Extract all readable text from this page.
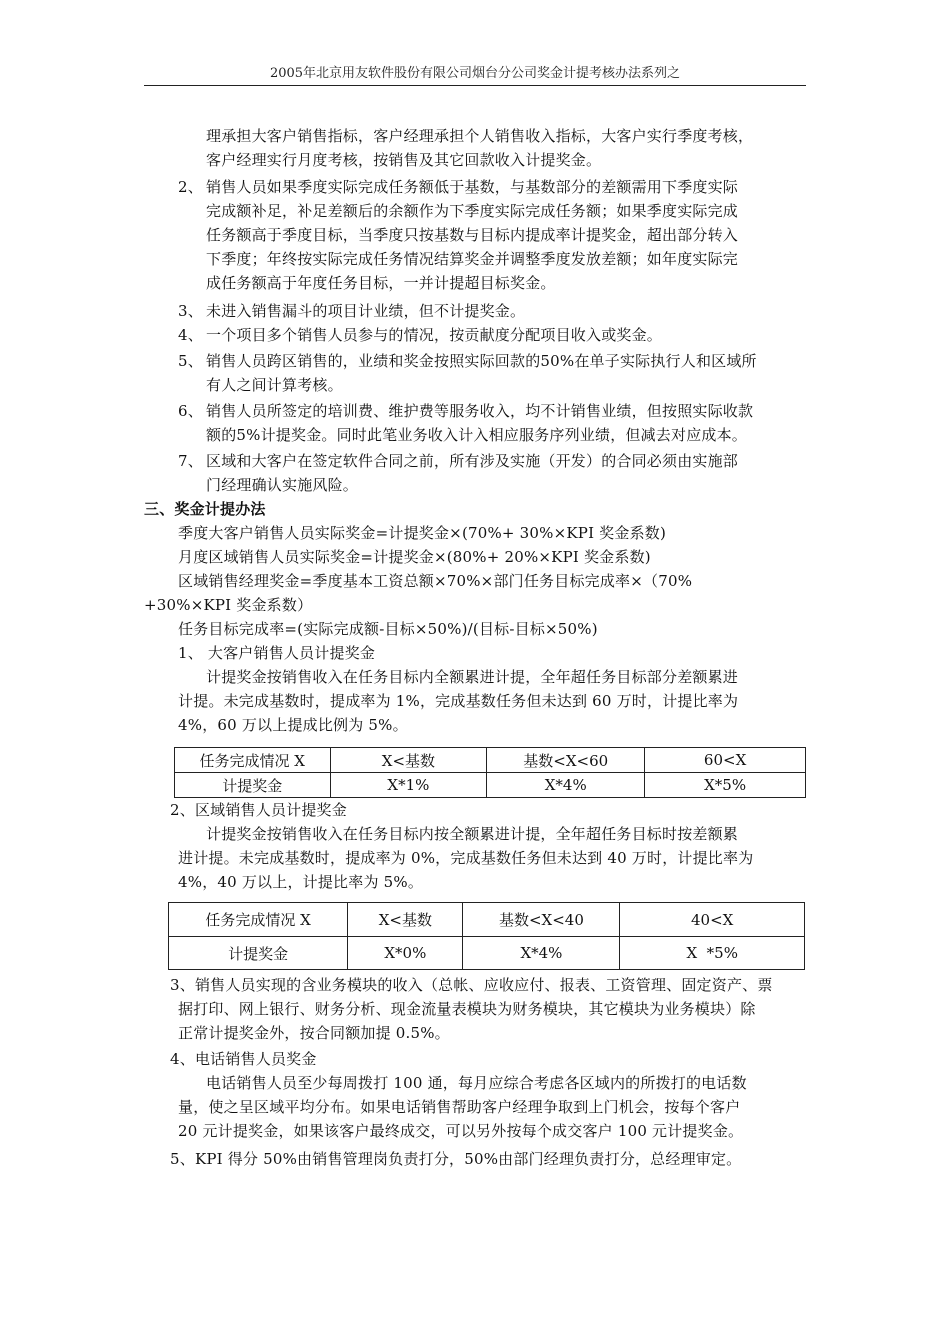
2005年北京用友软件股份有限公司烟台分公司奖金计提考核办法系列之
理承担大客户销售指标，客户经理承担个人销售收入指标，大客户实行季度考核，
客户经理实行月度考核，按销售及其它回款收入计提奖金。
2、 销售人员如果季度实际完成任务额低于基数，与基数部分的差额需用下季度实际
完成额补足，补足差额后的余额作为下季度实际完成任务额；如果季度实际完成
任务额高于季度目标，当季度只按基数与目标内提成率计提奖金，超出部分转入
下季度；年终按实际完成任务情况结算奖金并调整季度发放差额；如年度实际完
成任务额高于年度任务目标，一并计提超目标奖金。
3、 未进入销售漏斗的项目计业绩，但不计提奖金。
4、 一个项目多个销售人员参与的情况，按贡献度分配项目收入或奖金。
5、 销售人员跨区销售的，业绩和奖金按照实际回款的50%在单子实际执行人和区域所
有人之间计算考核。
6、 销售人员所签定的培训费、维护费等服务收入，均不计销售业绩，但按照实际收款
额的5%计提奖金。同时此笔业务收入计入相应服务序列业绩，但减去对应成本。
7、 区域和大客户在签定软件合同之前，所有涉及实施（开发）的合同必须由实施部
门经理确认实施风险。
三、奖金计提办法
季度大客户销售人员实际奖金=计提奖金×(70%+ 30%×KPI 奖金系数)
月度区域销售人员实际奖金=计提奖金×(80%+ 20%×KPI 奖金系数)
区域销售经理奖金=季度基本工资总额×70%×部门任务目标完成率×（70%
+30%×KPI 奖金系数）
任务目标完成率=(实际完成额-目标×50%)/(目标-目标×50%)
1、 大客户销售人员计提奖金
计提奖金按销售收入在任务目标内全额累进计提，全年超任务目标部分差额累进
计提。未完成基数时，提成率为 1%，完成基数任务但未达到 60 万时，计提比率为
4%，60 万以上提成比例为 5%。
任务完成情况 X	X<基数	基数<X<60	60<X
计提奖金	X*1%	X*4%	X*5%
2、区域销售人员计提奖金
计提奖金按销售收入在任务目标内按全额累进计提，全年超任务目标时按差额累
进计提。未完成基数时，提成率为 0%，完成基数任务但未达到 40 万时，计提比率为
4%，40 万以上，计提比率为 5%。
任务完成情况 X	X<基数	基数<X<40	40<X
计提奖金	X*0%	X*4%	X  *5%
3、销售人员实现的含业务模块的收入（总帐、应收应付、报表、工资管理、固定资产、票
据打印、网上银行、财务分析、现金流量表模块为财务模块，其它模块为业务模块）除
正常计提奖金外，按合同额加提 0.5%。
4、电话销售人员奖金
电话销售人员至少每周拨打 100 通，每月应综合考虑各区域内的所拨打的电话数
量，使之呈区域平均分布。如果电话销售帮助客户经理争取到上门机会，按每个客户
20 元计提奖金，如果该客户最终成交，可以另外按每个成交客户 100 元计提奖金。
5、KPI 得分 50%由销售管理岗负责打分，50%由部门经理负责打分，总经理审定。
